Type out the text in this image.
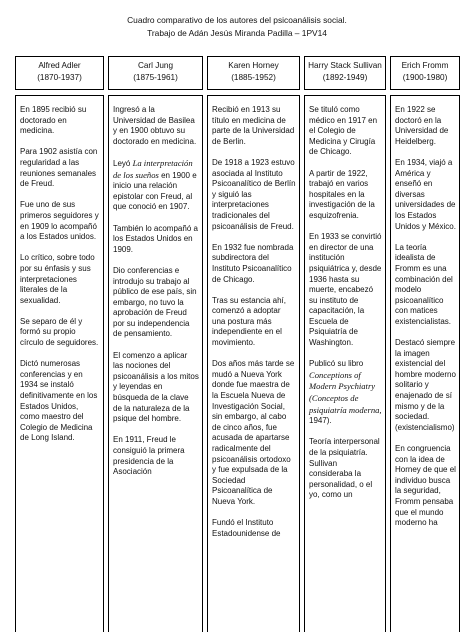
Cuadro comparativo de los autores del psicoanálisis social.
Trabajo de Adán Jesús Miranda Padilla – 1PV14
Alfred Adler
(1870-1937)

En 1895 recibió su doctorado en medicina.

Para 1902 asistía con regularidad a las reuniones semanales de Freud.

Fue uno de sus primeros seguidores y en 1909 lo acompañó a los Estados unidos.

Lo crítico, sobre todo por su énfasis y sus interpretaciones literales de la sexualidad.

Se separo de él y formó su propio círculo de seguidores.

Dictó numerosas conferencias y en 1934 se instaló definitivamente en los Estados Unidos, como maestro del Colegio de Medicina de Long Island.

Carl Jung
(1875-1961)

Ingresó a la Universidad de Basilea y en 1900 obtuvo su doctorado en medicina.

Leyó La interpretación de los sueños en 1900 e inicio una relación epistolar con Freud, al que conoció en 1907.

También lo acompañó a los Estados Unidos en 1909.

Dio conferencias e introdujo su trabajo al público de ese país, sin embargo, no tuvo la aprobación de Freud por su independencia de pensamiento.

El comenzo a aplicar las nociones del psicoanálisis a los mitos y leyendas en búsqueda de la clave de la naturaleza de la psique del hombre.

En 1911, Freud le consiguió la primera presidencia de la Asociación

Karen Horney
(1885-1952)

Recibió en 1913 su título en medicina de parte de la Universidad de Berlin.

De 1918 a 1923 estuvo asociada al Instituto Psicoanalítico de Berlín y siguió las interpretaciones tradicionales del psicoanálisis de Freud.

En 1932 fue nombrada subdirectora del Instituto Psicoanalítico de Chicago.

Tras su estancia ahí, comenzó a adoptar una postura más independiente en el movimiento.

Dos años más tarde se mudó a Nueva York donde fue maestra de la Escuela Nueva de Investigación Social, sin embargo, al cabo de cinco años, fue acusada de apartarse radicalmente del psicoanálisis ortodoxo y fue expulsada de la Sociedad Psicoanalítica de Nueva York.

Fundó el Instituto Estadounidense de

Harry Stack Sullivan
(1892-1949)

Se tituló como médico en 1917 en el Colegio de Medicina y Cirugía de Chicago.

A partir de 1922, trabajó en varios hospitales en la investigación de la esquizofrenia.

En 1933 se convirtió en director de una institución psiquiátrica y, desde 1936 hasta su muerte, encabezó su instituto de capacitación, la Escuela de Psiquiatría de Washington.

Publicó su libro Conceptions of Modern Psychiatry (Conceptos de psiquiatría moderna, 1947).

Teoría interpersonal de la psiquiatría. Sullivan consideraba la personalidad, o el yo, como un

Erich Fromm
(1900-1980)

En 1922 se doctoró en la Universidad de Heidelberg.

En 1934, viajó a América y enseñó en diversas universidades de los Estados Unidos y México.

La teoría idealista de Fromm es una combinación del modelo psicoanalítico con matices existencialistas.

Destacó siempre la imagen existencial del hombre moderno solitario y enajenado de sí mismo y de la sociedad. (existencialismo)

En congruencia con la idea de Horney de que el individuo busca la seguridad, Fromm pensaba que el mundo moderno ha
